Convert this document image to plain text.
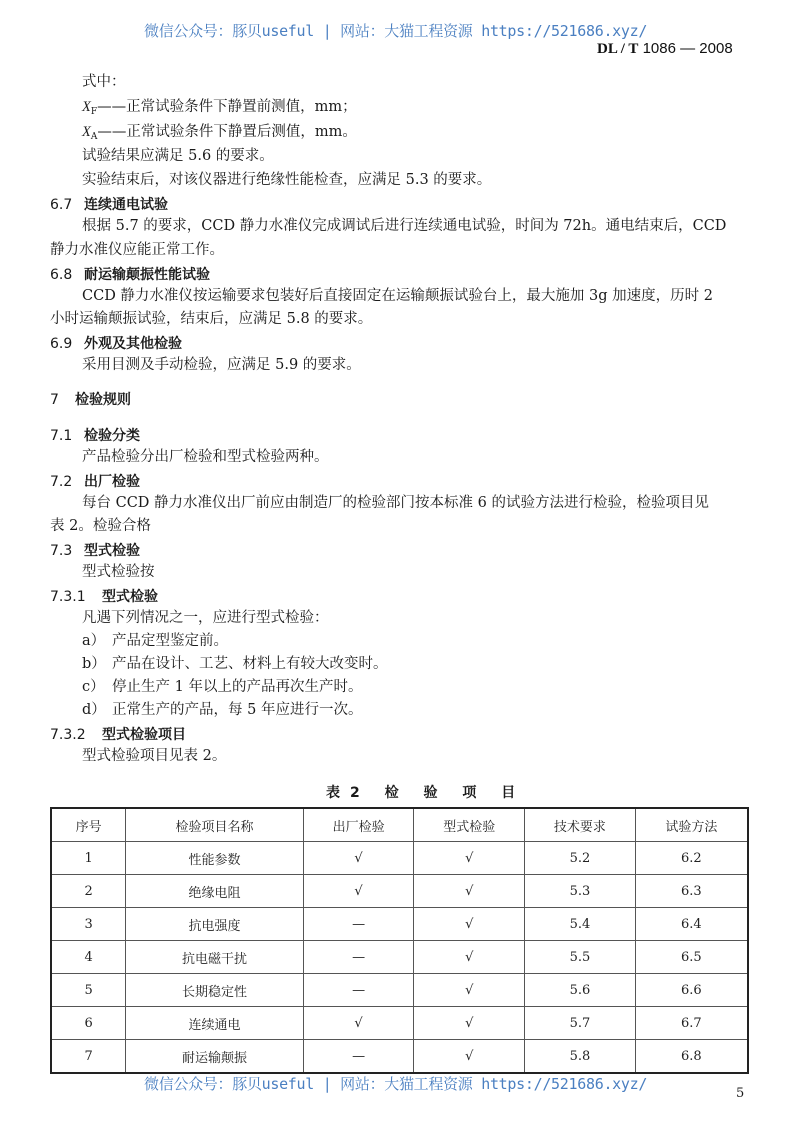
微信公众号：豚贝useful | 网站：大猫工程资源 https://521686.xyz/
DL / T 1086 — 2008
式中：
$X_F——$正常试验条件下静置前测值，mm；
$X_A——$正常试验条件下静置后测值，mm。
试验结果应满足 5.6 的要求。
实验结束后，对该仪器进行绝缘性能检查，应满足 5.3 的要求。
6.7 连续通电试验
根据 5.7 的要求，CCD 静力水准仪完成调试后进行连续通电试验，时间为 72h。通电结束后，CCD
静力水准仪应能正常工作。
6.8 耐运输颠振性能试验
CCD 静力水准仪按运输要求包装好后直接固定在运输颠振试验台上，最大施加 3g 加速度，历时 2
小时运输颠振试验，结束后，应满足 5.8 的要求。
6.9 外观及其他检验
采用目测及手动检验，应满足 5.9 的要求。
7 检验规则
7.1 检验分类
产品检验分出厂检验和型式检验两种。
7.2 出厂检验
每台 CCD 静力水准仪出厂前应由制造厂的检验部门按本标准 6 的试验方法进行检验，检验项目见
表 2。检验合格
7.3 型式检验
型式检验按
7.3.1 型式检验
凡遇下列情况之一，应进行型式检验：
a） 产品定型鉴定前。
b） 产品在设计、工艺、材料上有较大改变时。
c） 停止生产 1 年以上的产品再次生产时。
d） 正常生产的产品，每 5 年应进行一次。
7.3.2 型式检验项目
型式检验项目见表 2。
表2 检 验 项 目
序号	检验项目名称	出厂检验	型式检验	技术要求	试验方法
1	性能参数	√	√	5.2	6.2
2	绝缘电阻	√	√	5.3	6.3
3	抗电强度	—	√	5.4	6.4
4	抗电磁干扰	—	√	5.5	6.5
5	长期稳定性	—	√	5.6	6.6
6	连续通电	√	√	5.7	6.7
7	耐运输颠振	—	√	5.8	6.8
微信公众号：豚贝useful | 网站：大猫工程资源 https://521686.xyz/
5
